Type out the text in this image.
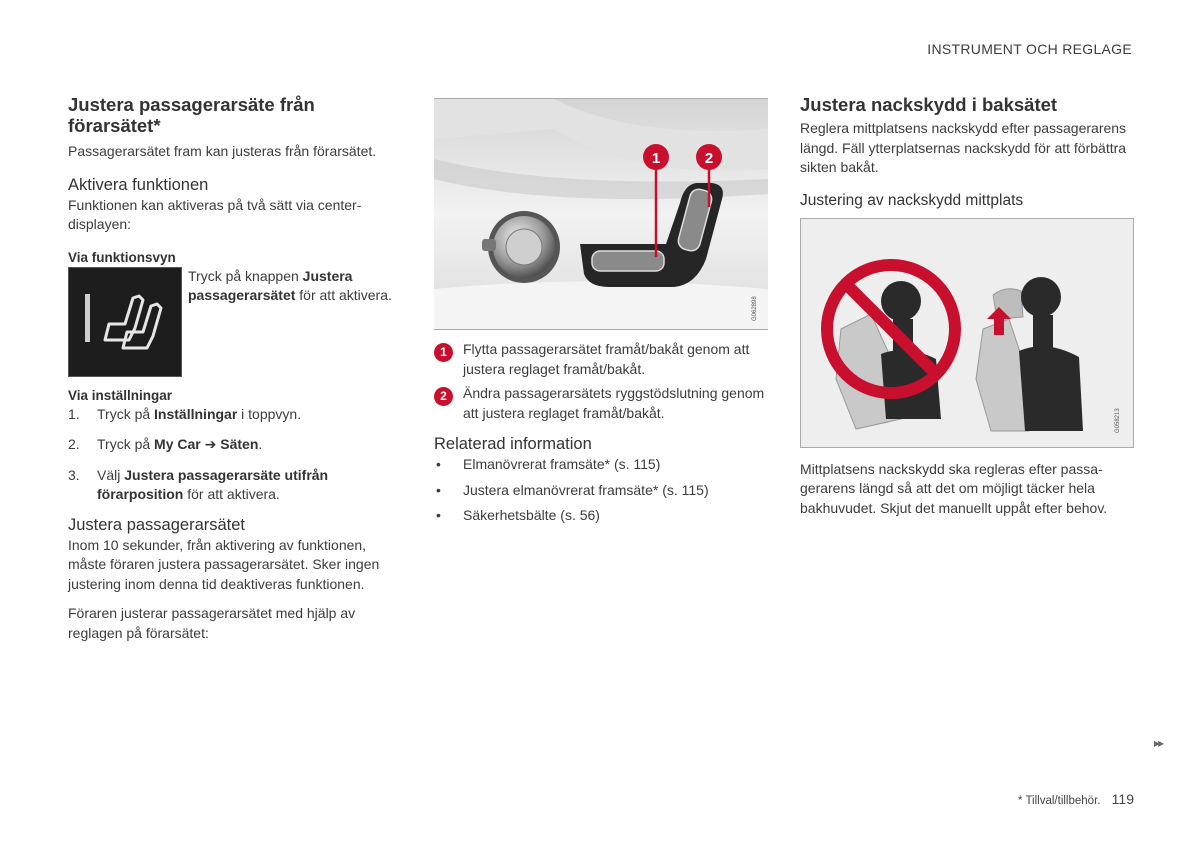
INSTRUMENT OCH REGLAGE
Justera passagerarsäte från förarsätet*

Passagerarsätet fram kan justeras från förarsätet.

Aktivera funktionen

Funktionen kan aktiveras på två sätt via centerdisplayen:

Via funktionsvyn
Tryck på knappen Justera passagerarsätet för att aktivera.
Via inställningar
1. Tryck på Inställningar i toppvyn.
2. Tryck på My Car ➔ Säten.
3. Välj Justera passagerarsäte utifrån förarposition för att aktivera.
Justera passagerarsätet

Inom 10 sekunder, från aktivering av funktionen, måste föraren justera passagerarsätet. Sker ingen justering inom denna tid deaktiveras funktionen.

Föraren justerar passagerarsätet med hjälp av reglagen på förarsätet:

1	2
G062898
1	Flytta passagerarsätet framåt/bakåt genom att justera reglaget framåt/bakåt.
2	Ändra passagerarsätets ryggstödslutning genom att justera reglaget framåt/bakåt.
Relaterad information
• Elmanövrerat framsäte* (s. 115)
• Justera elmanövrerat framsäte* (s. 115)
• Säkerhetsbälte (s. 56)
Justera nackskydd i baksätet

Reglera mittplatsens nackskydd efter passagerarens längd. Fäll ytterplatsernas nackskydd för att förbättra sikten bakåt.

Justering av nackskydd mittplats
G058213

Mittplatsens nackskydd ska regleras efter passagerarens längd så att det om möjligt täcker hela bakhuvudet. Skjut det manuellt uppåt efter behov.

▸▸
* Tillval/tillbehör. 119
